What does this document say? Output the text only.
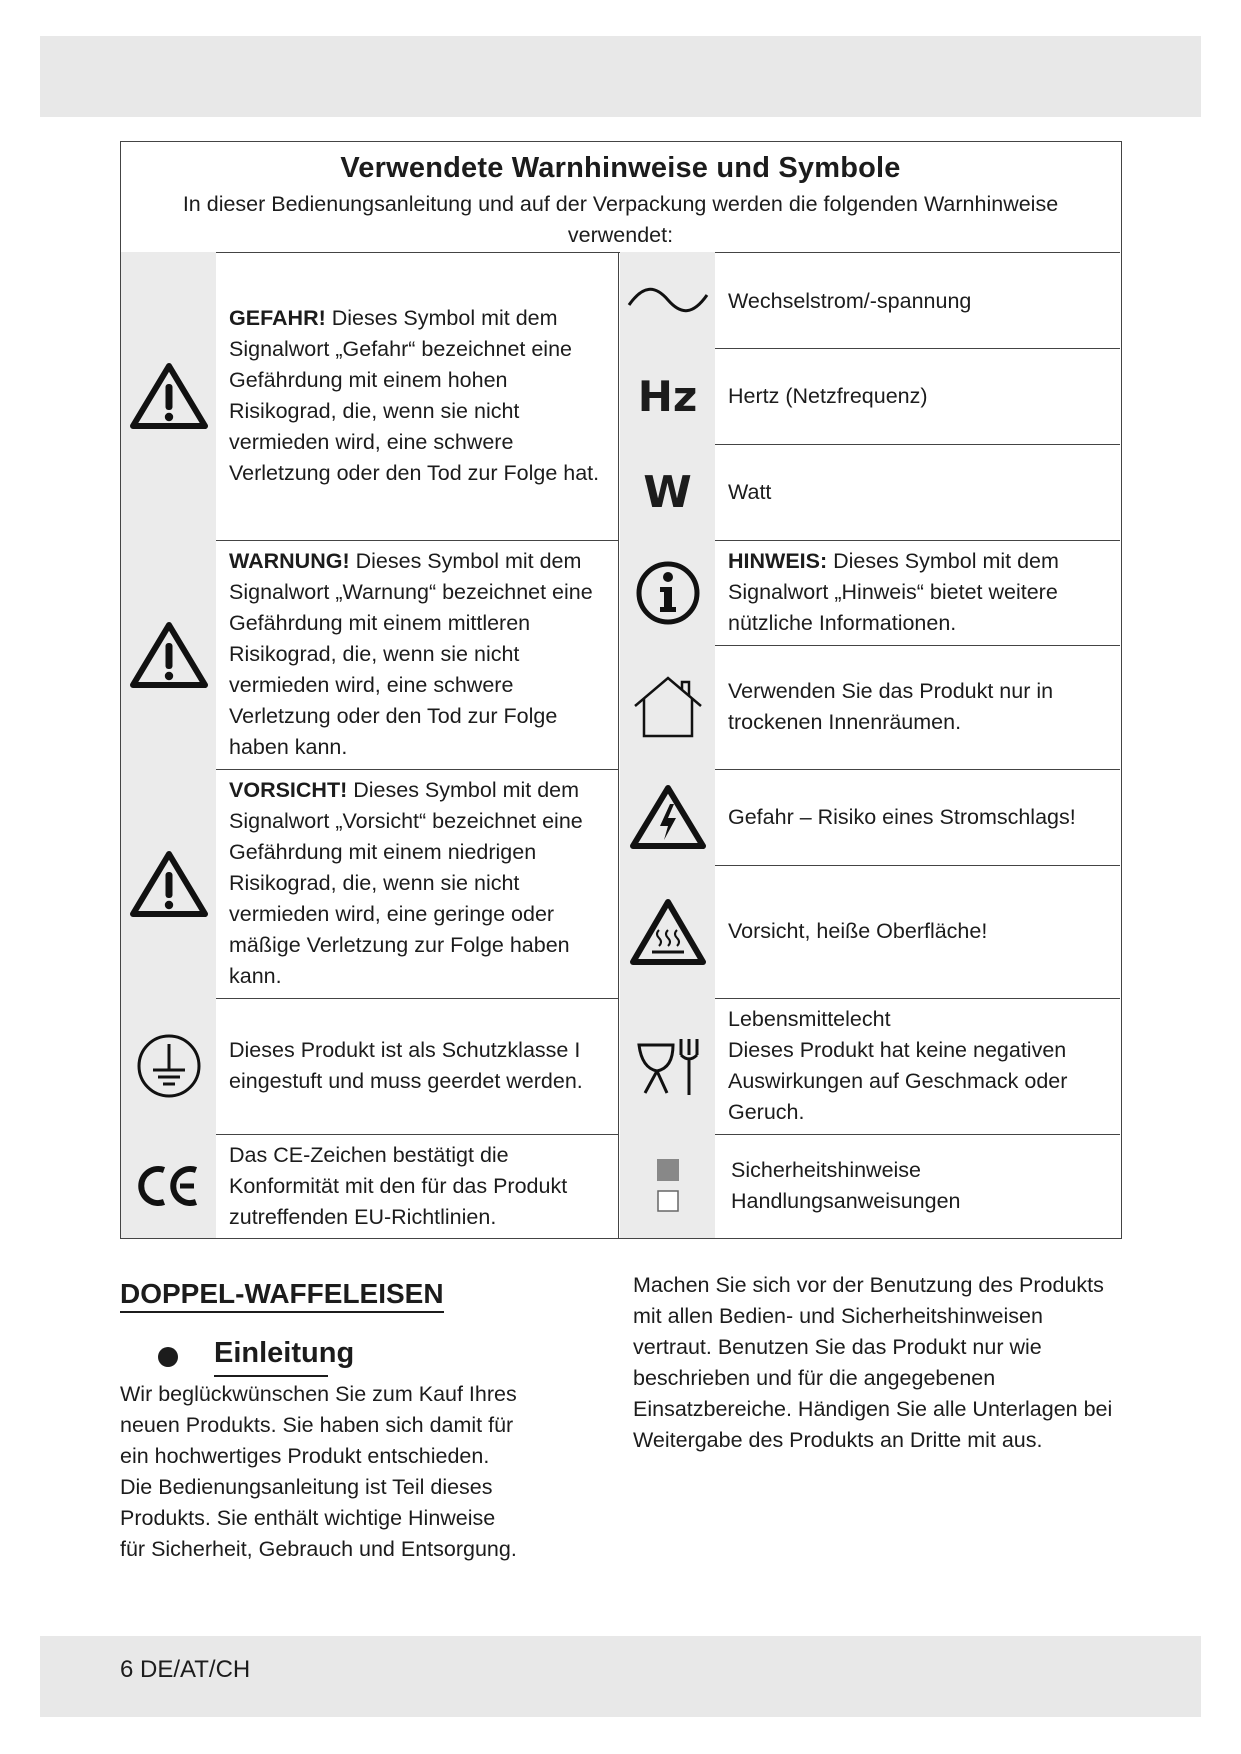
Verwendete Warnhinweise und Symbole
In dieser Bedienungsanleitung und auf der Verpackung werden die folgenden Warnhinweise verwendet:
GEFAHR! Dieses Symbol mit dem Signalwort „Gefahr“ bezeichnet eine Gefährdung mit einem hohen Risikograd, die, wenn sie nicht vermieden wird, eine schwere Verletzung oder den Tod zur Folge hat.
WARNUNG! Dieses Symbol mit dem Signalwort „Warnung“ bezeichnet eine Gefährdung mit einem mittleren Risikograd, die, wenn sie nicht vermieden wird, eine schwere Verletzung oder den Tod zur Folge haben kann.
VORSICHT! Dieses Symbol mit dem Signalwort „Vorsicht“ bezeichnet eine Gefährdung mit einem niedrigen Risikograd, die, wenn sie nicht vermieden wird, eine geringe oder mäßige Verletzung zur Folge haben kann.
Dieses Produkt ist als Schutzklasse I eingestuft und muss geerdet werden.
Das CE-Zeichen bestätigt die Konformität mit den für das Produkt zutreffenden EU-Richtlinien.
Wechselstrom/-spannung
Hz Hertz (Netzfrequenz)
W Watt
HINWEIS: Dieses Symbol mit dem Signalwort „Hinweis“ bietet weitere nützliche Informationen.
Verwenden Sie das Produkt nur in trockenen Innenräumen.
Gefahr – Risiko eines Stromschlags!
Vorsicht, heiße Oberfläche!
Lebensmittelecht
Dieses Produkt hat keine negativen Auswirkungen auf Geschmack oder Geruch.
Sicherheitshinweise
Handlungsanweisungen
DOPPEL-WAFFELEISEN
Einleitung
Wir beglückwünschen Sie zum Kauf Ihres neuen Produkts. Sie haben sich damit für ein hochwertiges Produkt entschieden. Die Bedienungsanleitung ist Teil dieses Produkts. Sie enthält wichtige Hinweise für Sicherheit, Gebrauch und Entsorgung.
Machen Sie sich vor der Benutzung des Produkts mit allen Bedien- und Sicherheitshinweisen vertraut. Benutzen Sie das Produkt nur wie beschrieben und für die angegebenen Einsatzbereiche. Händigen Sie alle Unterlagen bei Weitergabe des Produkts an Dritte mit aus.
6 DE/AT/CH
